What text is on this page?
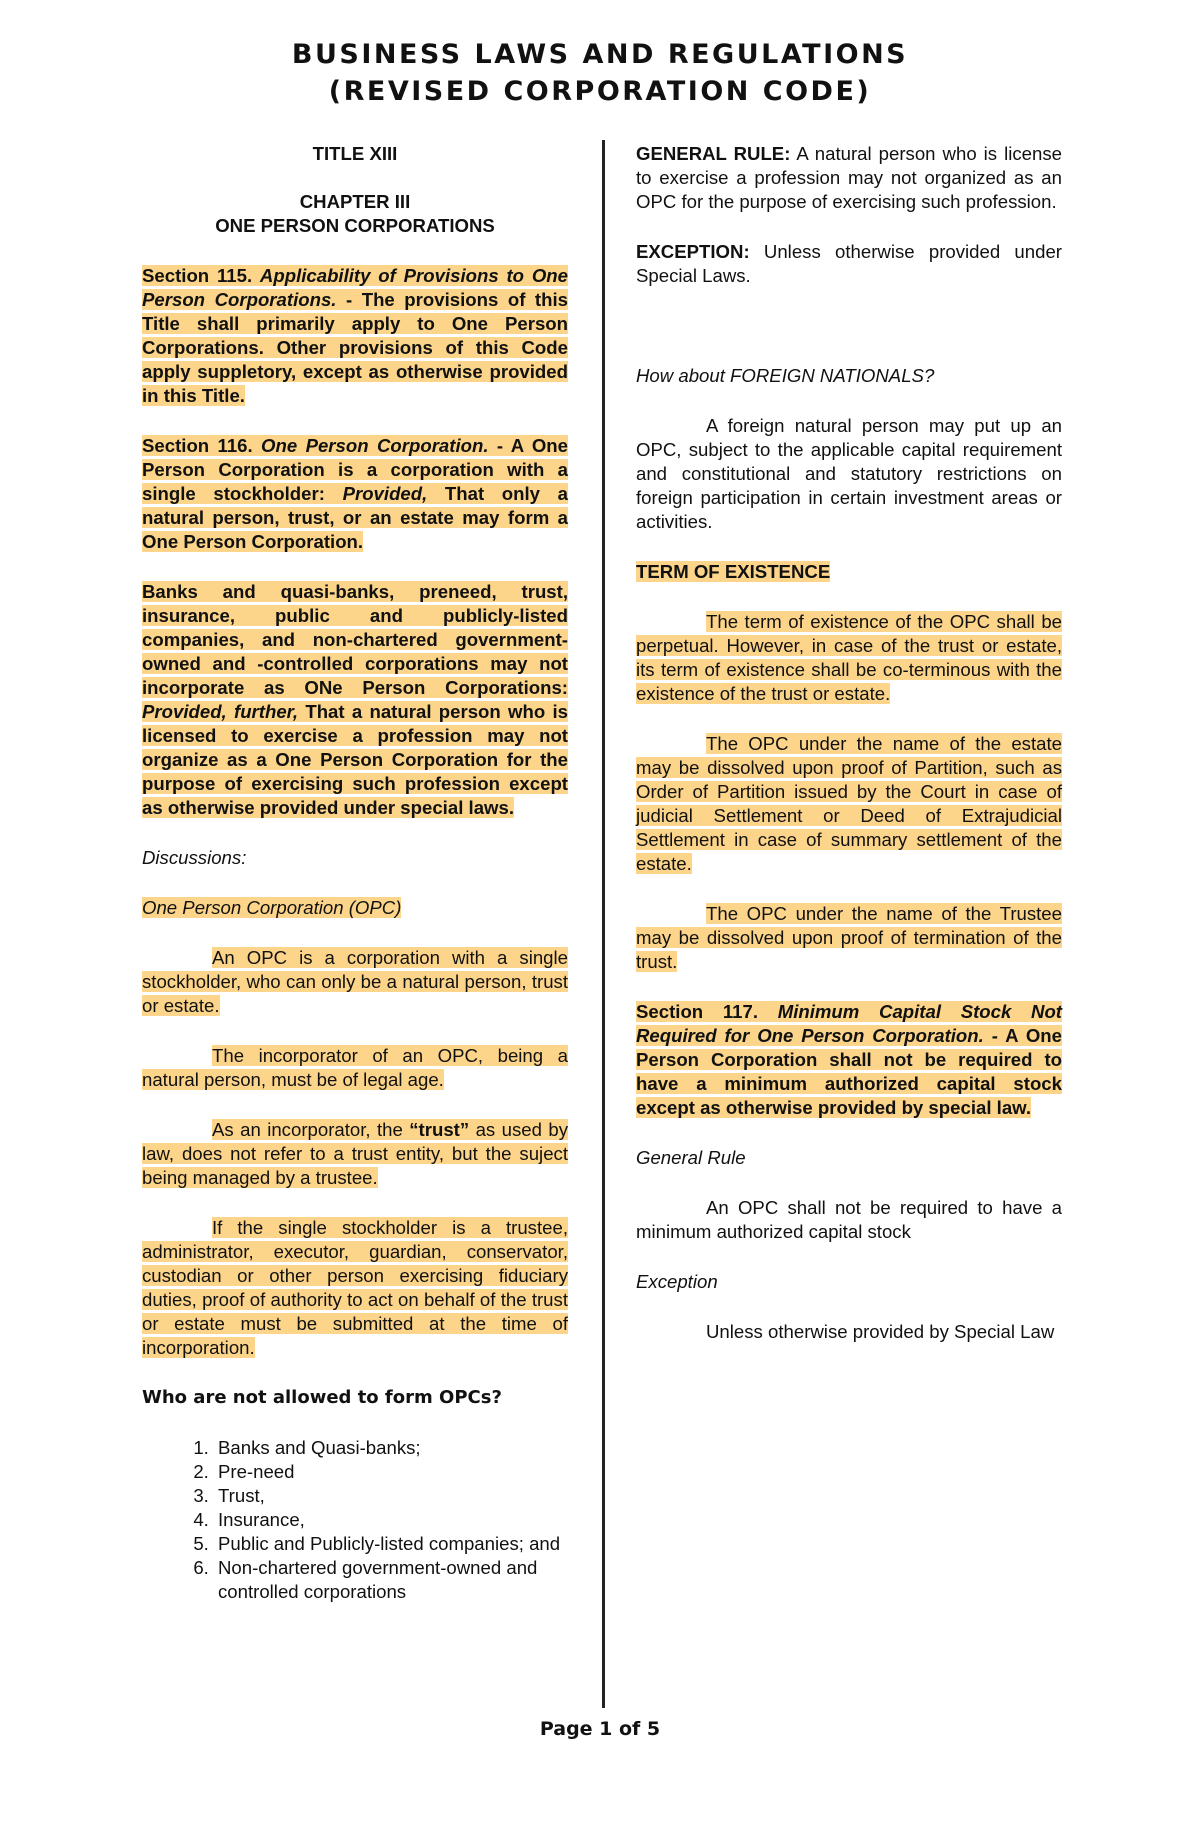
BUSINESS LAWS AND REGULATIONS
(REVISED CORPORATION CODE)
TITLE XIII
CHAPTER III

ONE PERSON CORPORATIONS

Section 115. Applicability of Provisions to One Person Corporations. - The provisions of this Title shall primarily apply to One Person Corporations. Other provisions of this Code apply suppletory, except as otherwise provided in this Title.

Section 116. One Person Corporation. - A One Person Corporation is a corporation with a single stockholder: Provided, That only a natural person, trust, or an estate may form a One Person Corporation.

Banks and quasi-banks, preneed, trust, insurance, public and publicly-listed companies, and non-chartered government-owned and -controlled corporations may not incorporate as ONe Person Corporations: Provided, further, That a natural person who is licensed to exercise a profession may not organize as a One Person Corporation for the purpose of exercising such profession except as otherwise provided under special laws.

Discussions:

One Person Corporation (OPC)

An OPC is a corporation with a single stockholder, who can only be a natural person, trust or estate.

The incorporator of an OPC, being a natural person, must be of legal age.

As an incorporator, the “trust” as used by law, does not refer to a trust entity, but the suject being managed by a trustee.

If the single stockholder is a trustee, administrator, executor, guardian, conservator, custodian or other person exercising fiduciary duties, proof of authority to act on behalf of the trust or estate must be submitted at the time of incorporation.

Who are not allowed to form OPCs?

1. Banks and Quasi-banks;
2. Pre-need
3. Trust,
4. Insurance,
5. Public and Publicly-listed companies; and
6. Non-chartered government-owned and controlled corporations

GENERAL RULE: A natural person who is license to exercise a profession may not organized as an OPC for the purpose of exercising such profession.

EXCEPTION: Unless otherwise provided under Special Laws.

How about FOREIGN NATIONALS?

A foreign natural person may put up an OPC, subject to the applicable capital requirement and constitutional and statutory restrictions on foreign participation in certain investment areas or activities.

TERM OF EXISTENCE

The term of existence of the OPC shall be perpetual. However, in case of the trust or estate, its term of existence shall be co-terminous with the existence of the trust or estate.

The OPC under the name of the estate may be dissolved upon proof of Partition, such as Order of Partition issued by the Court in case of judicial Settlement or Deed of Extrajudicial Settlement in case of summary settlement of the estate.

The OPC under the name of the Trustee may be dissolved upon proof of termination of the trust.

Section 117. Minimum Capital Stock Not Required for One Person Corporation. - A One Person Corporation shall not be required to have a minimum authorized capital stock except as otherwise provided by special law.

General Rule

An OPC shall not be required to have a minimum authorized capital stock

Exception

Unless otherwise provided by Special Law

Page 1 of 5
